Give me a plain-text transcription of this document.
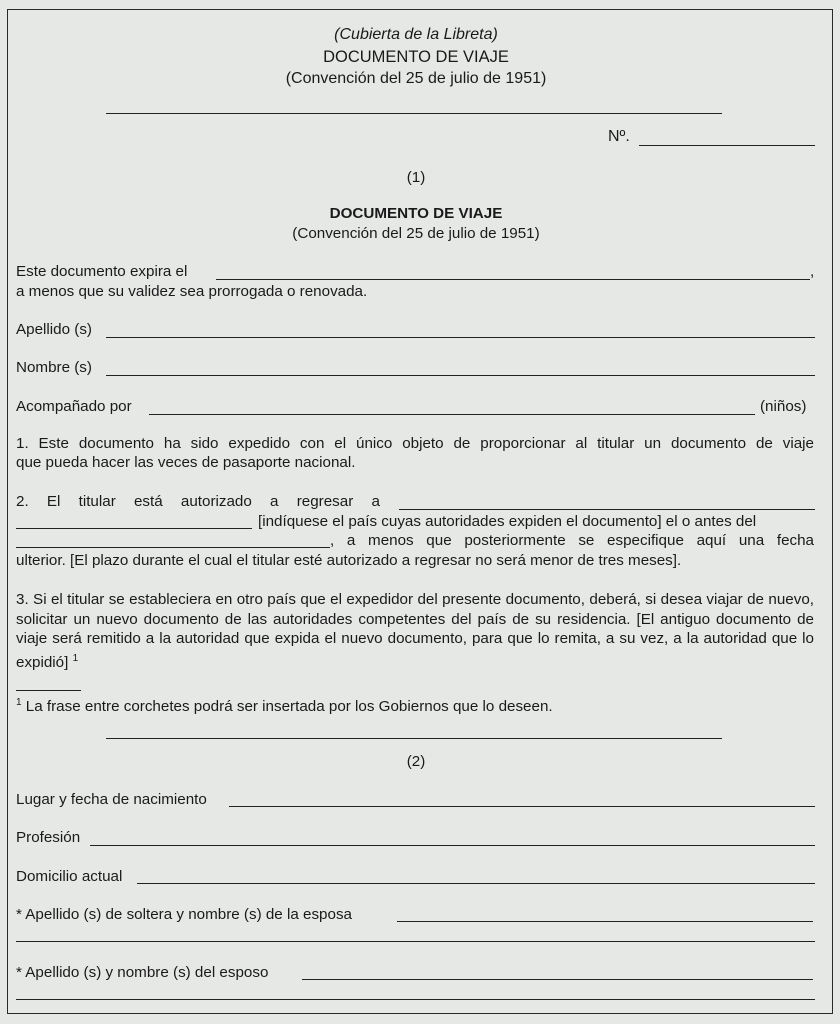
(Cubierta de la Libreta)
DOCUMENTO DE VIAJE
(Convención del 25 de julio de 1951)
Nº.
(1)
DOCUMENTO DE VIAJE
(Convención del 25 de julio de 1951)
Este documento expira el	,
a menos que su validez sea prorrogada o renovada.
Apellido (s)
Nombre (s)
Acompañado por	(niños)
1. Este documento ha sido expedido con el único objeto de proporcionar al titular un documento de viaje
que pueda hacer las veces de pasaporte nacional.
2. El titular está autorizado a regresar a
[indíquese el país cuyas autoridades expiden el documento] el o antes del
, a menos que posteriormente se especifique aquí una fecha
ulterior. [El plazo durante el cual el titular esté autorizado a regresar no será menor de tres meses].
3. Si el titular se estableciera en otro país que el expedidor del presente documento, deberá, si desea viajar de nuevo, solicitar un nuevo documento de las autoridades competentes del país de su residencia. [El antiguo documento de viaje será remitido a la autoridad que expida el nuevo documento, para que lo remita, a su vez, a la autoridad que lo expidió] $^1$
$^1$ La frase entre corchetes podrá ser insertada por los Gobiernos que lo deseen.
(2)
Lugar y fecha de nacimiento
Profesión
Domicilio actual
* Apellido (s) de soltera y nombre (s) de la esposa
* Apellido (s) y nombre (s) del esposo
